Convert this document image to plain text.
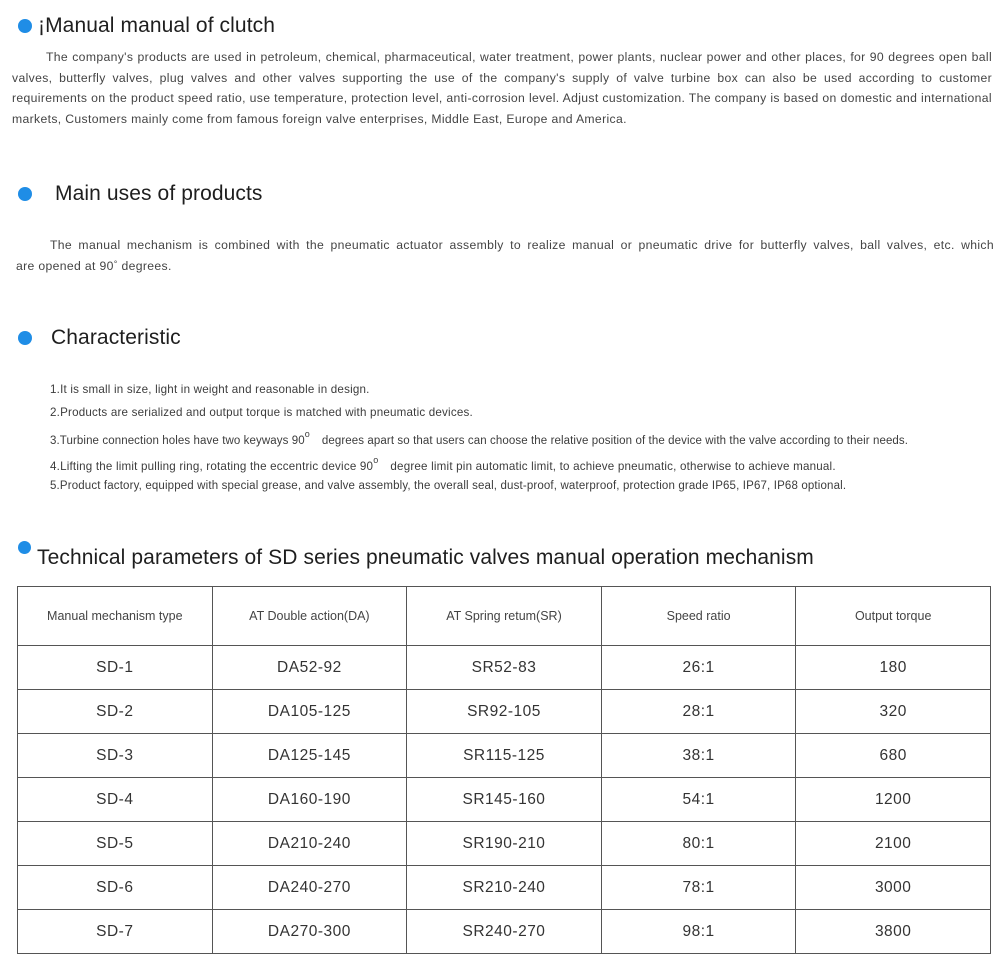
¡Manual manual of clutch
The company's products are used in petroleum, chemical, pharmaceutical, water treatment, power plants, nuclear power and other places, for 90 degrees open ball valves, butterfly valves, plug valves and other valves supporting the use of the company's supply of valve turbine box can also be used according to customer requirements on the product speed ratio, use temperature, protection level, anti-corrosion level. Adjust customization. The company is based on domestic and international markets, Customers mainly come from famous foreign valve enterprises, Middle East, Europe and America.
Main uses of products
The manual mechanism is combined with the pneumatic actuator assembly to realize manual or pneumatic drive for butterfly valves, ball valves, etc. which
are opened at 90° degrees.
Characteristic
1.It is small in size, light in weight and reasonable in design.
2.Products are serialized and output torque is matched with pneumatic devices.
3.Turbine connection holes have two keyways 90$^o$degrees apart so that users can choose the relative position of the device with the valve according to their needs.
4.Lifting the limit pulling ring, rotating the eccentric device 90$^o$ degree limit pin automatic limit, to achieve pneumatic, otherwise to achieve manual.
5.Product factory, equipped with special grease, and valve assembly, the overall seal, dust-proof, waterproof, protection grade IP65, IP67, IP68 optional.
Technical parameters of SD series pneumatic valves manual operation mechanism
Manual mechanism type	AT Double action(DA)	AT Spring retum(SR)	Speed ratio	Output torque
SD-1	DA52-92	SR52-83	26:1	180
SD-2	DA105-125	SR92-105	28:1	320
SD-3	DA125-145	SR115-125	38:1	680
SD-4	DA160-190	SR145-160	54:1	1200
SD-5	DA210-240	SR190-210	80:1	2100
SD-6	DA240-270	SR210-240	78:1	3000
SD-7	DA270-300	SR240-270	98:1	3800
